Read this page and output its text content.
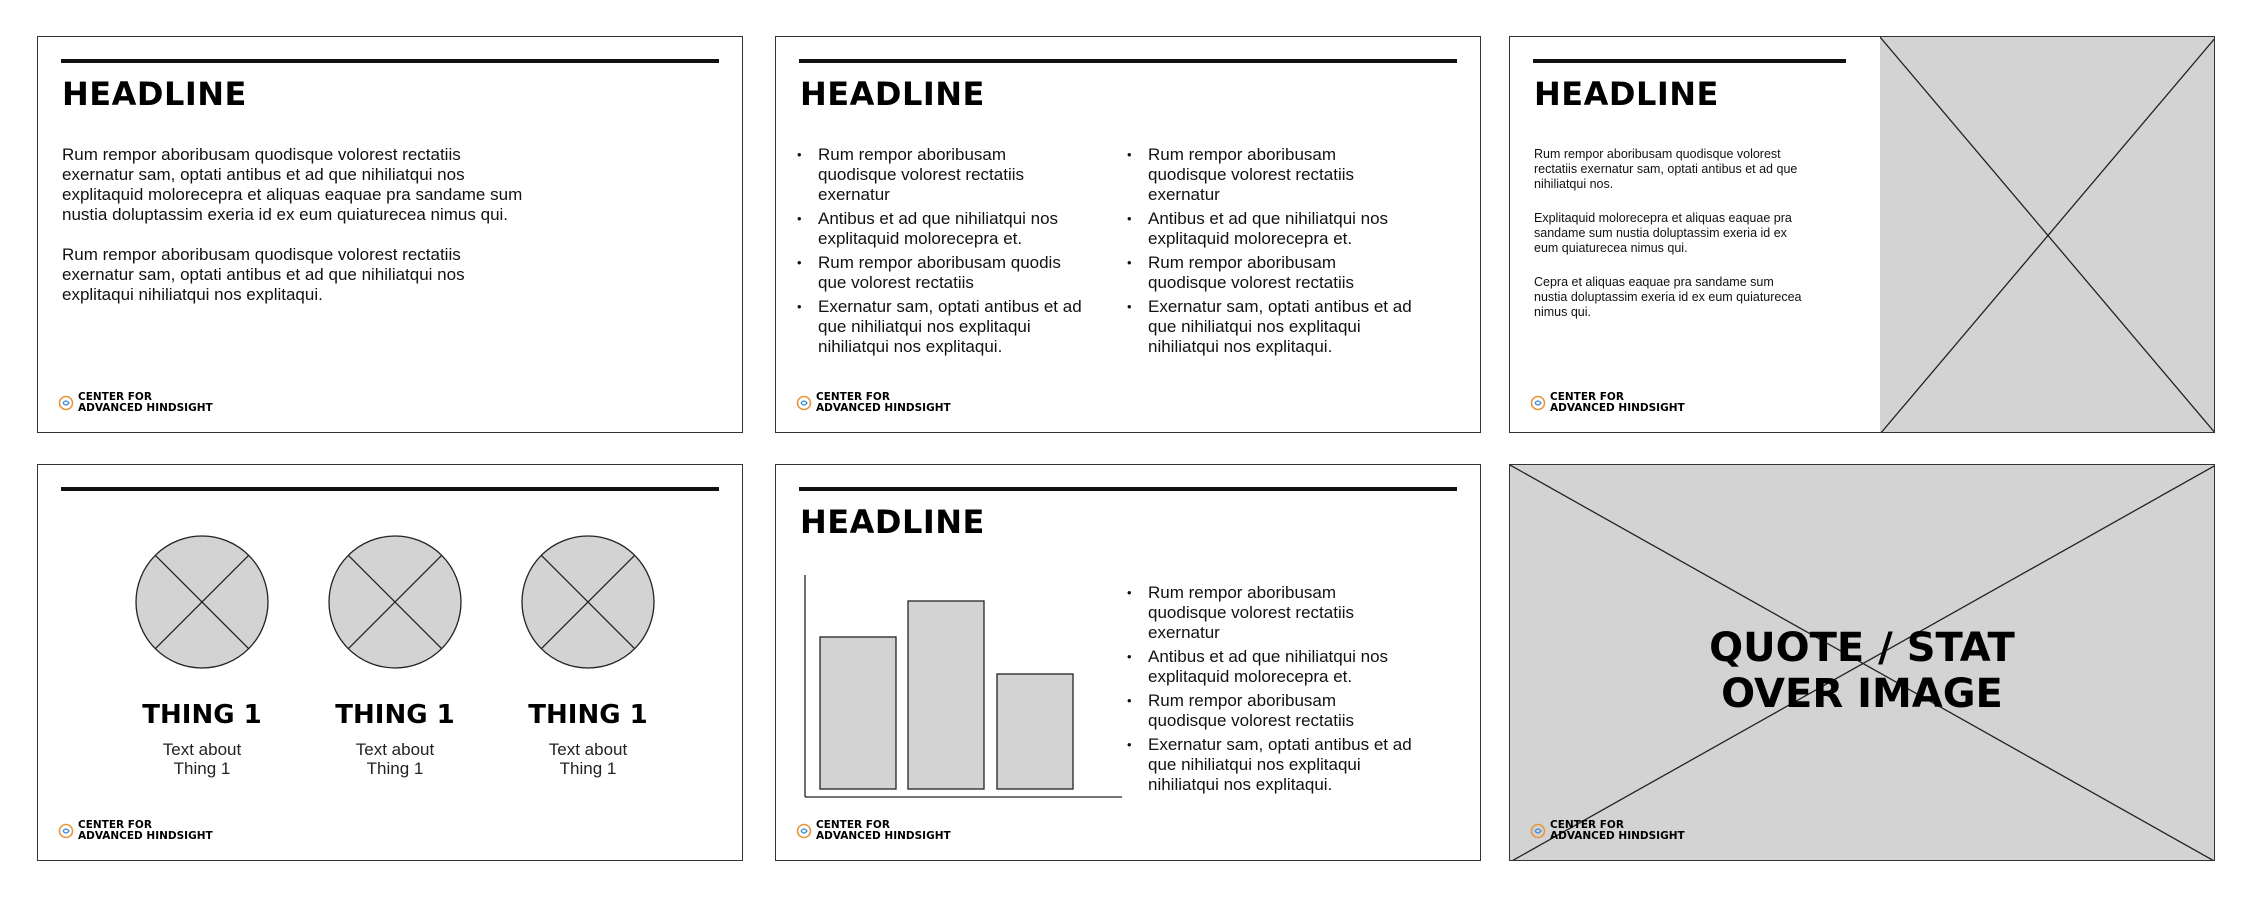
HEADLINE

Rum rempor aboribusam quodisque volorest rectatiis exernatur sam, optati antibus et ad que nihiliatqui nos explitaquid molorecepra et aliquas eaquae pra sandame sum nustia doluptassim exeria id ex eum quiaturecea nimus qui.

Rum rempor aboribusam quodisque volorest rectatiis exernatur sam, optati antibus et ad que nihiliatqui nos explitaqui nihiliatqui nos explitaqui.

CENTER FOR
ADVANCED HINDSIGHT
HEADLINE
• Rum rempor aboribusam quodisque volorest rectatiis exernatur
• Antibus et ad que nihiliatqui nos explitaquid molorecepra et.
• Rum rempor aboribusam quodis que volorest rectatiis
• Exernatur sam, optati antibus et ad que nihiliatqui nos explitaqui nihiliatqui nos explitaqui.
• Rum rempor aboribusam quodisque volorest rectatiis exernatur
• Antibus et ad que nihiliatqui nos explitaquid molorecepra et.
• Rum rempor aboribusam quodisque volorest rectatiis
• Exernatur sam, optati antibus et ad que nihiliatqui nos explitaqui nihiliatqui nos explitaqui.
CENTER FOR
ADVANCED HINDSIGHT
HEADLINE

Rum rempor aboribusam quodisque volorest rectatiis exernatur sam, optati antibus et ad que nihiliatqui nos.

Explitaquid molorecepra et aliquas eaquae pra sandame sum nustia doluptassim exeria id ex eum quiaturecea nimus qui.

Cepra et aliquas eaquae pra sandame sum nustia doluptassim exeria id ex eum quiaturecea nimus qui.

CENTER FOR
ADVANCED HINDSIGHT
THING 1
Text about
Thing 1
THING 1
Text about
Thing 1
THING 1
Text about
Thing 1
CENTER FOR
ADVANCED HINDSIGHT
HEADLINE
• Rum rempor aboribusam quodisque volorest rectatiis exernatur
• Antibus et ad que nihiliatqui nos explitaquid molorecepra et.
• Rum rempor aboribusam quodisque volorest rectatiis
• Exernatur sam, optati antibus et ad que nihiliatqui nos explitaqui nihiliatqui nos explitaqui.
CENTER FOR
ADVANCED HINDSIGHT
QUOTE / STAT
OVER IMAGE
CENTER FOR
ADVANCED HINDSIGHT
